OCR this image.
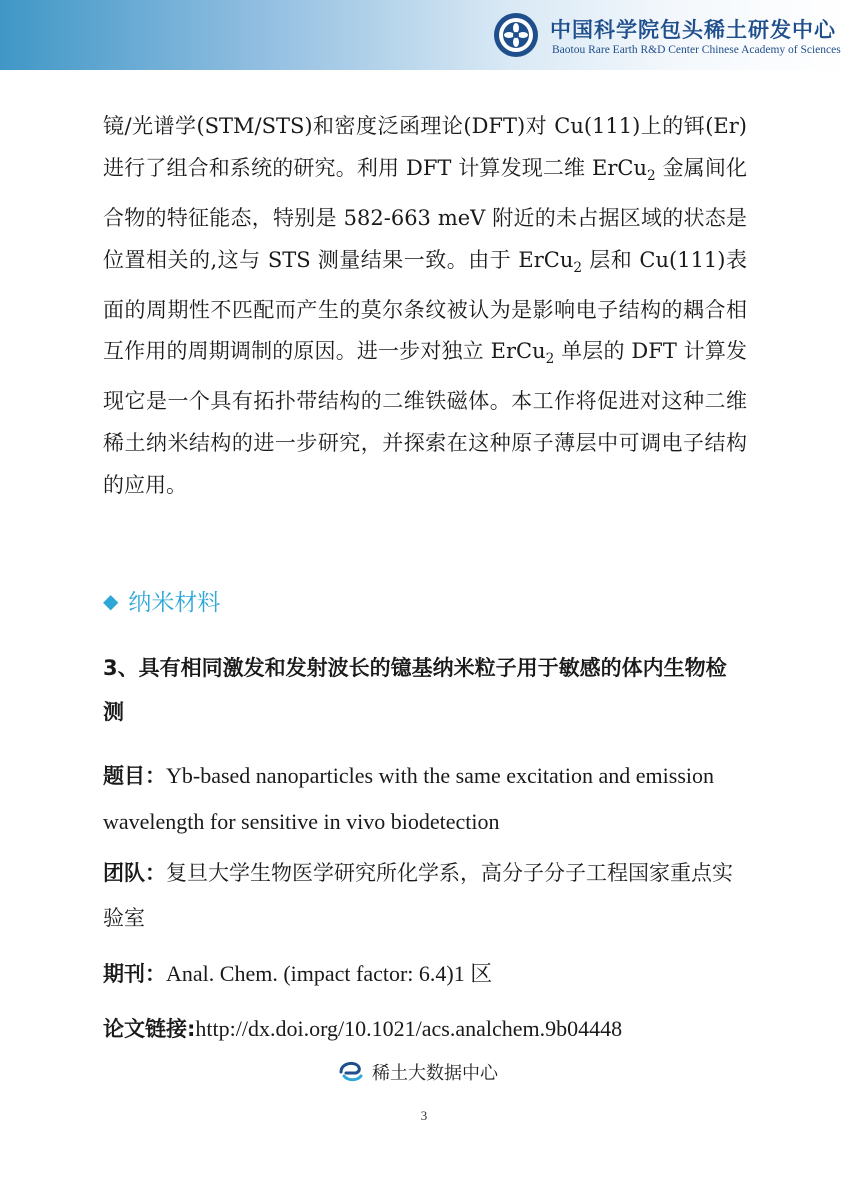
中国科学院包头稀土研发中心
Baotou Rare Earth R&D Center Chinese Academy of Sciences

镜/光谱学(STM/STS)和密度泛函理论(DFT)对 Cu(111)上的铒(Er)进行了组合和系统的研究。利用 DFT 计算发现二维 ErCu$_2$ 金属间化合物的特征能态，特别是 582-663 meV 附近的未占据区域的状态是位置相关的,这与 STS 测量结果一致。由于 ErCu$_2$ 层和 Cu(111)表面的周期性不匹配而产生的莫尔条纹被认为是影响电子结构的耦合相互作用的周期调制的原因。进一步对独立 ErCu$_2$ 单层的 DFT 计算发现它是一个具有拓扑带结构的二维铁磁体。本工作将促进对这种二维稀土纳米结构的进一步研究，并探索在这种原子薄层中可调电子结构的应用。

◆ 纳米材料

3、具有相同激发和发射波长的镱基纳米粒子用于敏感的体内生物检测

题目：Yb-based nanoparticles with the same excitation and emission wavelength for sensitive in vivo biodetection

团队：复旦大学生物医学研究所化学系，高分子分子工程国家重点实验室

期刊：Anal. Chem. (impact factor: 6.4)1 区

论文链接:http://dx.doi.org/10.1021/acs.analchem.9b04448

稀土大数据中心
3
